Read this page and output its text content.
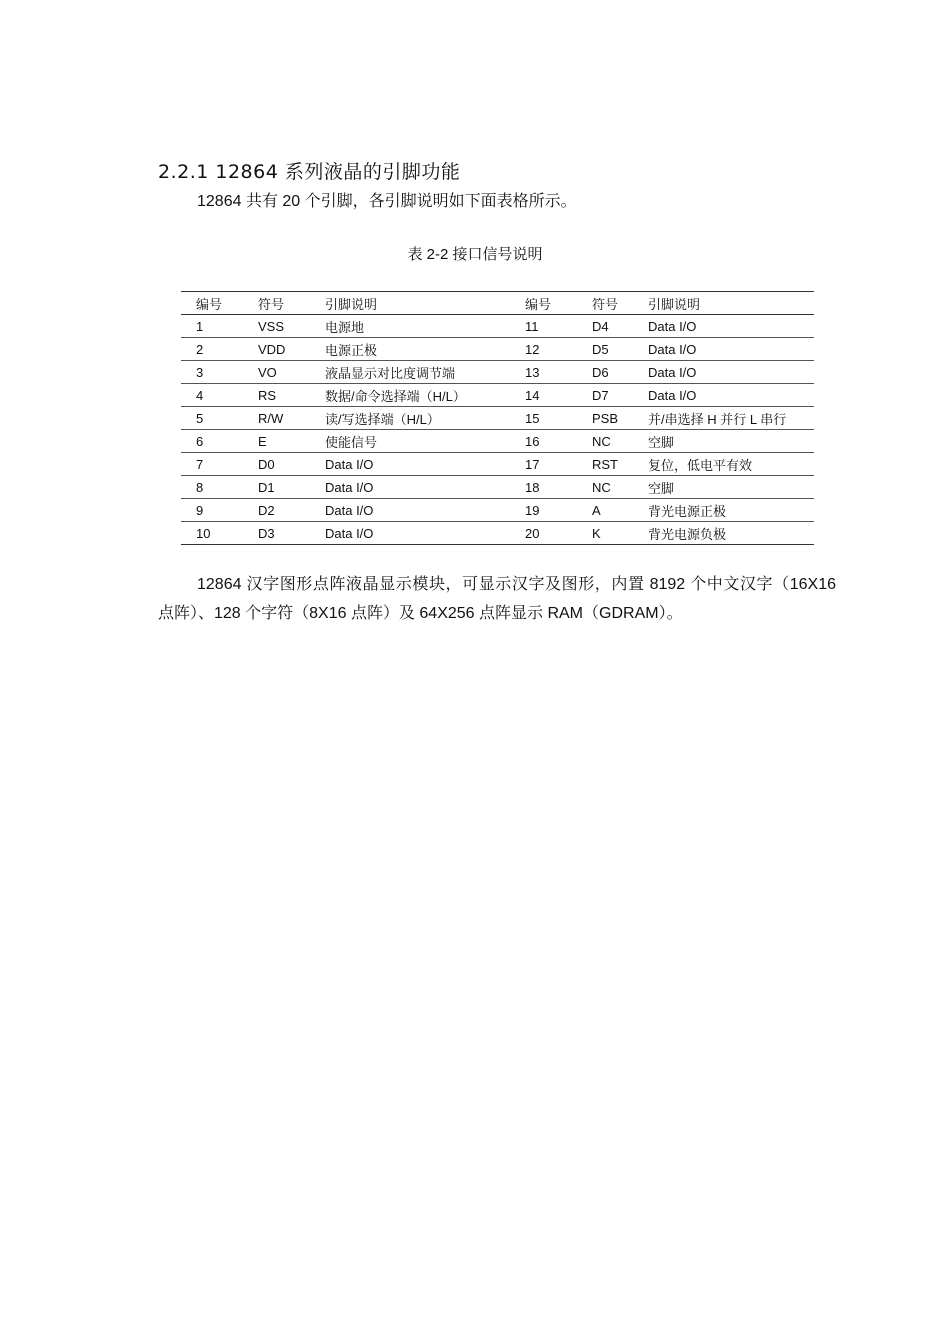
2.2.1 12864 系列液晶的引脚功能
12864 共有 20 个引脚，各引脚说明如下面表格所示。
表 2-2 接口信号说明
编号	符号	引脚说明	编号	符号	引脚说明
1	VSS	电源地	11	D4	Data I/O
2	VDD	电源正极	12	D5	Data I/O
3	VO	液晶显示对比度调节端	13	D6	Data I/O
4	RS	数据/命令选择端（H/L）	14	D7	Data I/O
5	R/W	读/写选择端（H/L）	15	PSB	并/串选择 H 并行 L 串行
6	E	使能信号	16	NC	空脚
7	D0	Data I/O	17	RST	复位，低电平有效
8	D1	Data I/O	18	NC	空脚
9	D2	Data I/O	19	A	背光电源正极
10	D3	Data I/O	20	K	背光电源负极
12864 汉字图形点阵液晶显示模块，可显示汉字及图形，内置 8192 个中文汉字（16X16 点阵）、128 个字符（8X16 点阵）及 64X256 点阵显示 RAM（GDRAM）。
